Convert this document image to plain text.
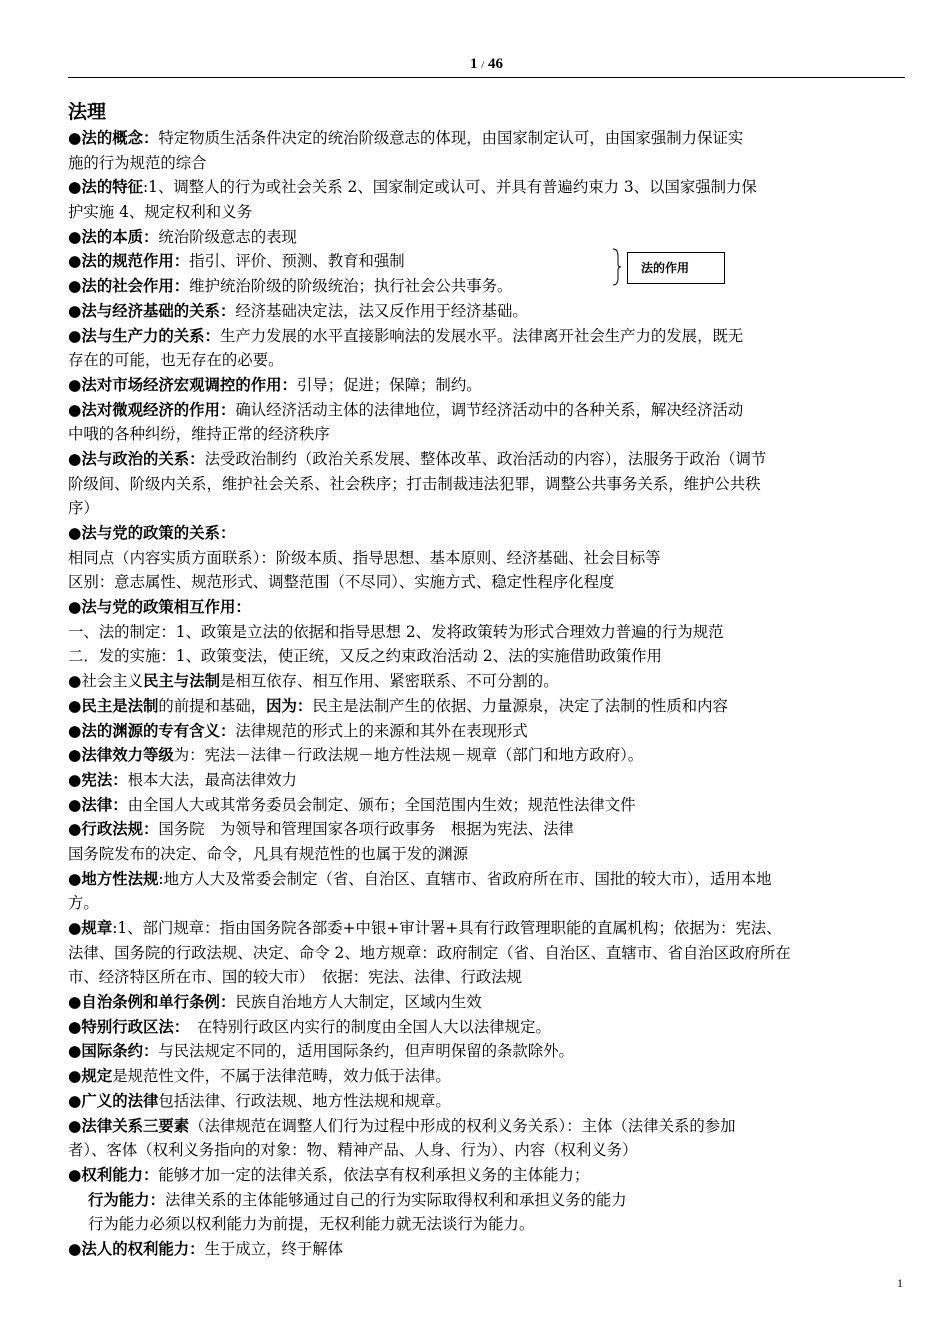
1 / 46
法理
●法的概念：特定物质生活条件决定的统治阶级意志的体现，由国家制定认可，由国家强制力保证实
施的行为规范的综合
●法的特征:1、调整人的行为或社会关系 2、国家制定或认可、并具有普遍约束力 3、以国家强制力保
护实施 4、规定权利和义务
●法的本质：统治阶级意志的表现
●法的规范作用：指引、评价、预测、教育和强制
●法的社会作用：维护统治阶级的阶级统治；执行社会公共事务。
●法与经济基础的关系：经济基础决定法，法又反作用于经济基础。
●法与生产力的关系：生产力发展的水平直接影响法的发展水平。法律离开社会生产力的发展，既无
存在的可能，也无存在的必要。
●法对市场经济宏观调控的作用：引导；促进；保障；制约。
●法对微观经济的作用：确认经济活动主体的法律地位，调节经济活动中的各种关系，解决经济活动
中哦的各种纠纷，维持正常的经济秩序
●法与政治的关系：法受政治制约（政治关系发展、整体改革、政治活动的内容），法服务于政治（调节
阶级间、阶级内关系，维护社会关系、社会秩序；打击制裁违法犯罪，调整公共事务关系，维护公共秩
序）
●法与党的政策的关系：
相同点（内容实质方面联系）：阶级本质、指导思想、基本原则、经济基础、社会目标等
区别：意志属性、规范形式、调整范围（不尽同）、实施方式、稳定性程序化程度
●法与党的政策相互作用：
一、法的制定：1、政策是立法的依据和指导思想 2、发将政策转为形式合理效力普遍的行为规范
二．发的实施：1、政策变法，使正统，又反之约束政治活动 2、法的实施借助政策作用
●社会主义民主与法制是相互依存、相互作用、紧密联系、不可分割的。
●民主是法制的前提和基础，因为：民主是法制产生的依据、力量源泉，决定了法制的性质和内容
●法的渊源的专有含义：法律规范的形式上的来源和其外在表现形式
●法律效力等级为：宪法－法律－行政法规－地方性法规－规章（部门和地方政府）。
●宪法：根本大法，最高法律效力
●法律：由全国人大或其常务委员会制定、颁布；全国范围内生效；规范性法律文件
●行政法规：国务院　为领导和管理国家各项行政事务　根据为宪法、法律
国务院发布的决定、命令，凡具有规范性的也属于发的渊源
●地方性法规:地方人大及常委会制定（省、自治区、直辖市、省政府所在市、国批的较大市），适用本地
方。
●规章:1、部门规章：指由国务院各部委+中银+审计署+具有行政管理职能的直属机构；依据为：宪法、
法律、国务院的行政法规、决定、命令 2、地方规章：政府制定（省、自治区、直辖市、省自治区政府所在
市、经济特区所在市、国的较大市）　依据：宪法、法律、行政法规
●自治条例和单行条例：民族自治地方人大制定，区域内生效
●特别行政区法：　在特别行政区内实行的制度由全国人大以法律规定。
●国际条约：与民法规定不同的，适用国际条约，但声明保留的条款除外。
●规定是规范性文件，不属于法律范畴，效力低于法律。
●广义的法律包括法律、行政法规、地方性法规和规章。
●法律关系三要素（法律规范在调整人们行为过程中形成的权利义务关系）：主体（法律关系的参加
者）、客体（权利义务指向的对象：物、精神产品、人身、行为）、内容（权利义务）
●权利能力：能够才加一定的法律关系，依法享有权利承担义务的主体能力；
行为能力：法律关系的主体能够通过自己的行为实际取得权利和承担义务的能力
行为能力必须以权利能力为前提，无权利能力就无法谈行为能力。
●法人的权利能力：生于成立，终于解体
法的作用
1
